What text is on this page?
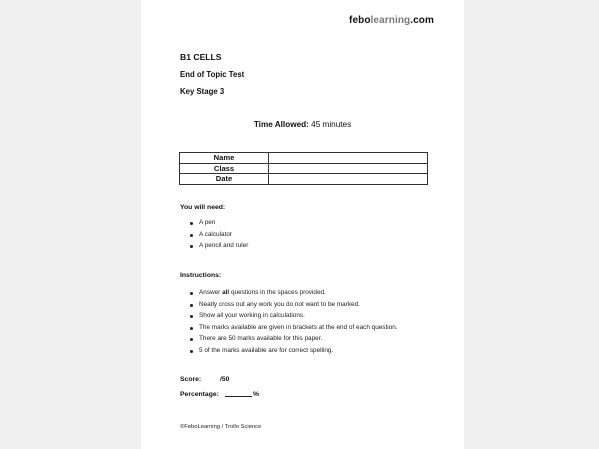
febolearning.com
B1 CELLS
End of Topic Test
Key Stage 3
Time Allowed: 45 minutes
Name	
Class	
Date	
You will need:
A pen
A calculator
A pencil and ruler
Instructions:
Answer all questions in the spaces provided.
Neatly cross out any work you do not want to be marked.
Show all your working in calculations.
The marks available are given in brackets at the end of each question.
There are 50 marks available for this paper.
5 of the marks available are for correct spelling.
Score:	/50
Percentage:	%
©FeboLearning / Trollo Science
